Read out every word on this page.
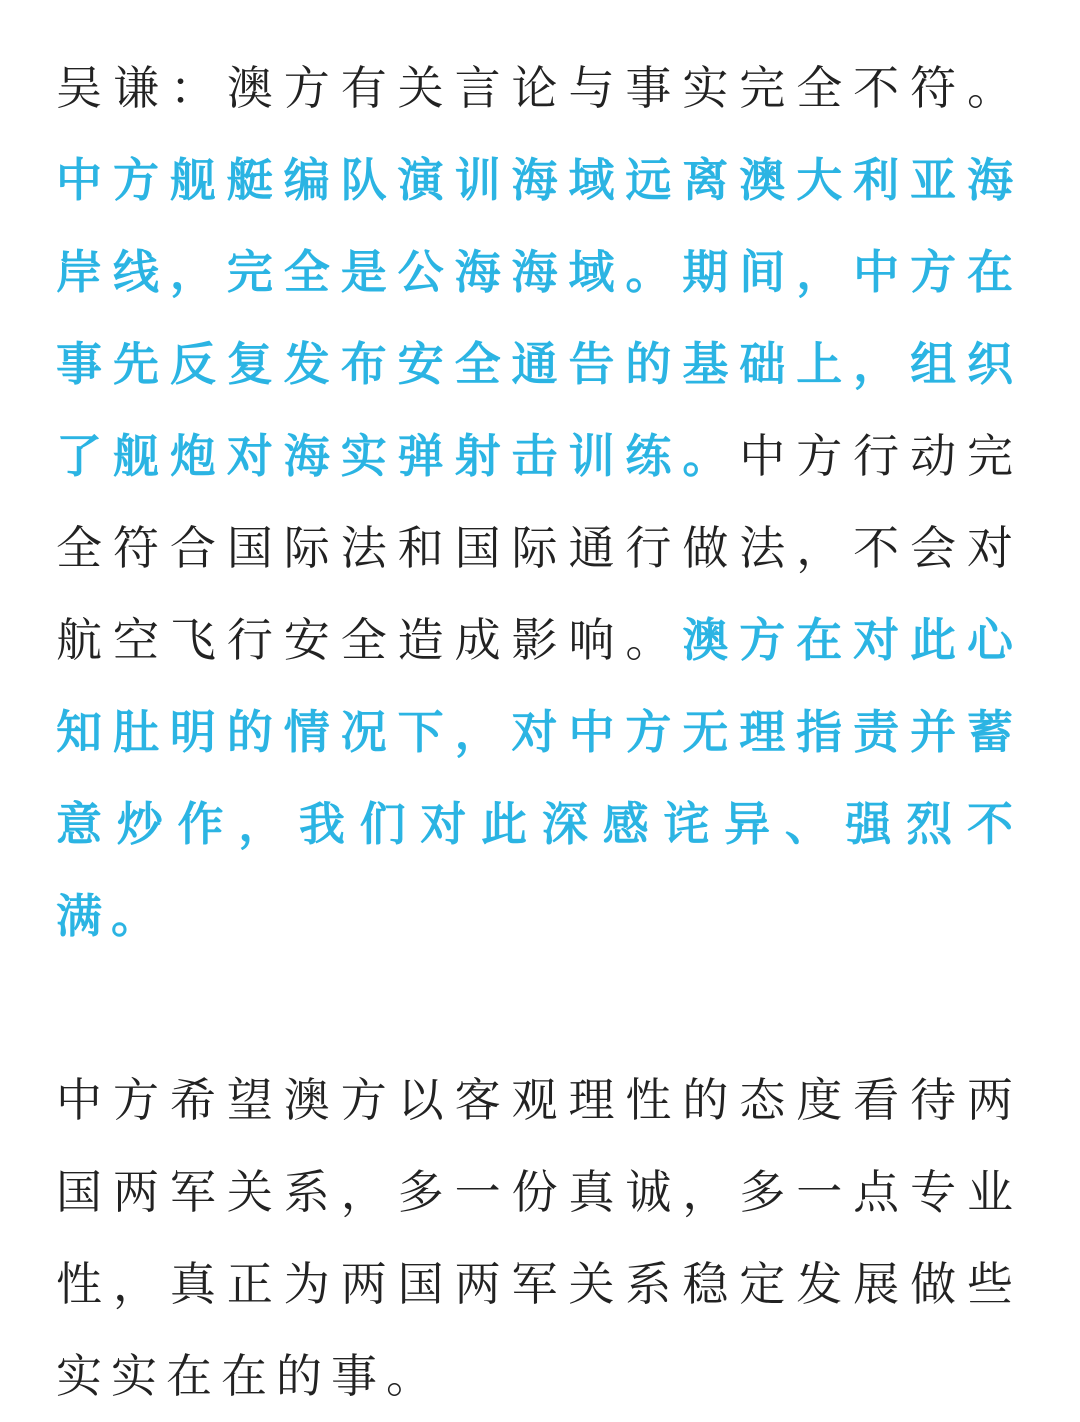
吴谦：澳方有关言论与事实完全不符。中方舰艇编队演训海域远离澳大利亚海岸线，完全是公海海域。期间，中方在事先反复发布安全通告的基础上，组织了舰炮对海实弹射击训练。中方行动完全符合国际法和国际通行做法，不会对航空飞行安全造成影响。澳方在对此心知肚明的情况下，对中方无理指责并蓄意炒作，我们对此深感诧异、强烈不满。

中方希望澳方以客观理性的态度看待两国两军关系，多一份真诚，多一点专业性，真正为两国两军关系稳定发展做些实实在在的事。
